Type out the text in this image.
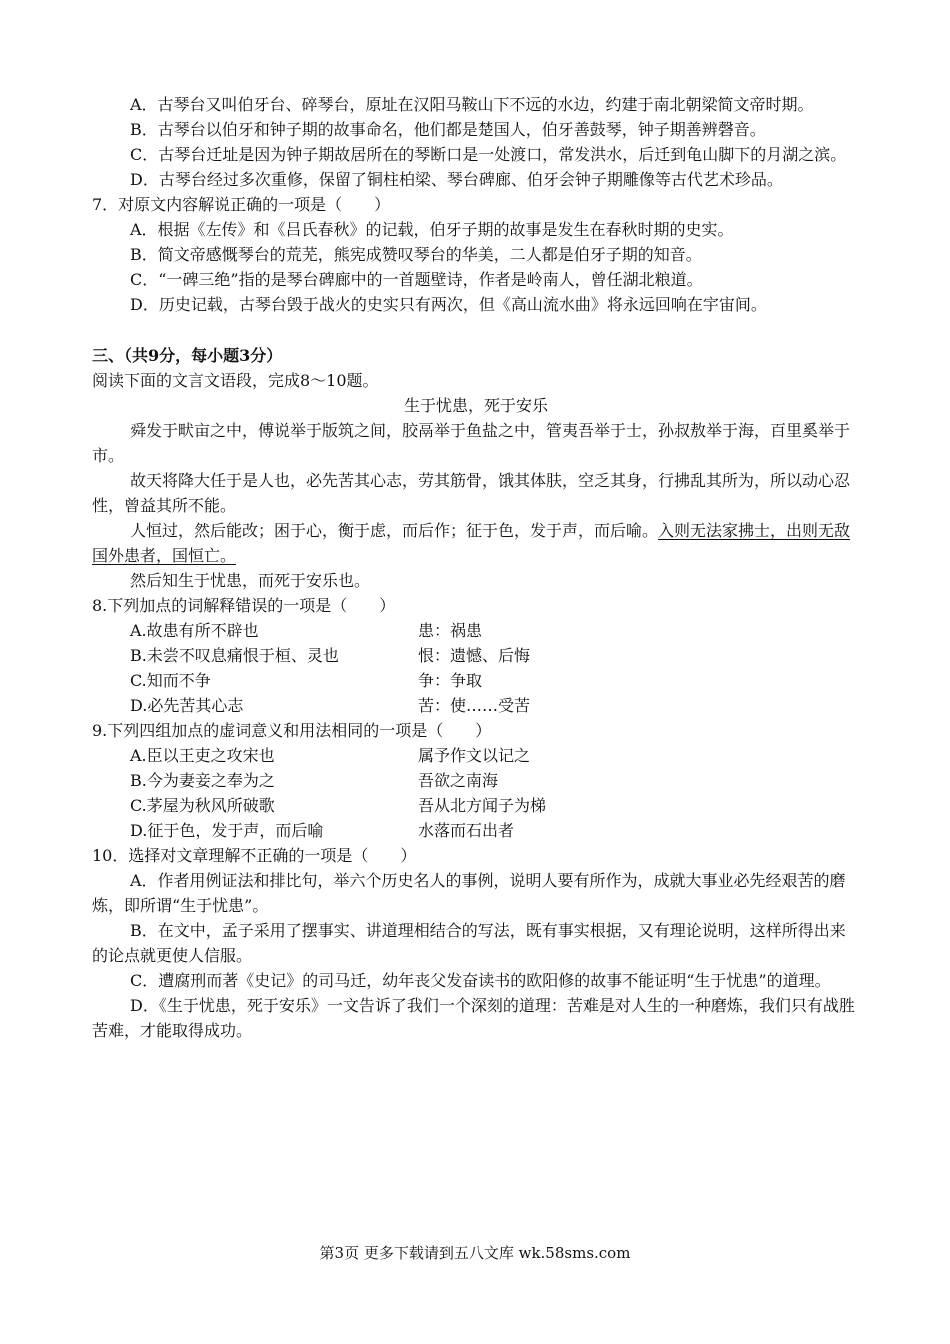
A．古琴台又叫伯牙台、碎琴台，原址在汉阳马鞍山下不远的水边，约建于南北朝梁简文帝时期。

B．古琴台以伯牙和钟子期的故事命名，他们都是楚国人，伯牙善鼓琴，钟子期善辨磬音。

C．古琴台迁址是因为钟子期故居所在的琴断口是一处渡口，常发洪水，后迁到龟山脚下的月湖之滨。

D．古琴台经过多次重修，保留了铜柱柏梁、琴台碑廊、伯牙会钟子期雕像等古代艺术珍品。

7．对原文内容解说正确的一项是（　　）

A．根据《左传》和《吕氏春秋》的记载，伯牙子期的故事是发生在春秋时期的史实。

B．简文帝感慨琴台的荒芜，熊宪成赞叹琴台的华美，二人都是伯牙子期的知音。

C．“一碑三绝”指的是琴台碑廊中的一首题壁诗，作者是岭南人，曾任湖北粮道。

D．历史记载，古琴台毁于战火的史实只有两次，但《高山流水曲》将永远回响在宇宙间。

三、（共9分，每小题3分）

阅读下面的文言文语段，完成8～10题。

生于忧患，死于安乐

舜发于畎亩之中，傅说举于版筑之间，胶鬲举于鱼盐之中，管夷吾举于士，孙叔敖举于海，百里奚举于市。

故天将降大任于是人也，必先苦其心志，劳其筋骨，饿其体肤，空乏其身，行拂乱其所为，所以动心忍性，曾益其所不能。

人恒过，然后能改；困于心，衡于虑，而后作；征于色，发于声，而后喻。入则无法家拂士，出则无敌国外患者，国恒亡。

然后知生于忧患，而死于安乐也。

8.下列加点的词解释错误的一项是（　　）

A.故患有所不辟也	患：祸患
B.未尝不叹息痛恨于桓、灵也	恨：遗憾、后悔
C.知而不争	争：争取
D.必先苦其心志	苦：使……受苦

9.下列四组加点的虚词意义和用法相同的一项是（　　）

A.臣以王吏之攻宋也	属予作文以记之
B.今为妻妾之奉为之	吾欲之南海
C.茅屋为秋风所破歌	吾从北方闻子为梯
D.征于色，发于声，而后喻	水落而石出者

10．选择对文章理解不正确的一项是（　　）

A．作者用例证法和排比句，举六个历史名人的事例，说明人要有所作为，成就大事业必先经艰苦的磨炼，即所谓“生于忧患”。

B．在文中，孟子采用了摆事实、讲道理相结合的写法，既有事实根据，又有理论说明，这样所得出来的论点就更使人信服。

C．遭腐刑而著《史记》的司马迁，幼年丧父发奋读书的欧阳修的故事不能证明“生于忧患”的道理。

D．《生于忧患，死于安乐》一文告诉了我们一个深刻的道理：苦难是对人生的一种磨炼，我们只有战胜苦难，才能取得成功。

第3页 更多下载请到五八文库 wk.58sms.com
